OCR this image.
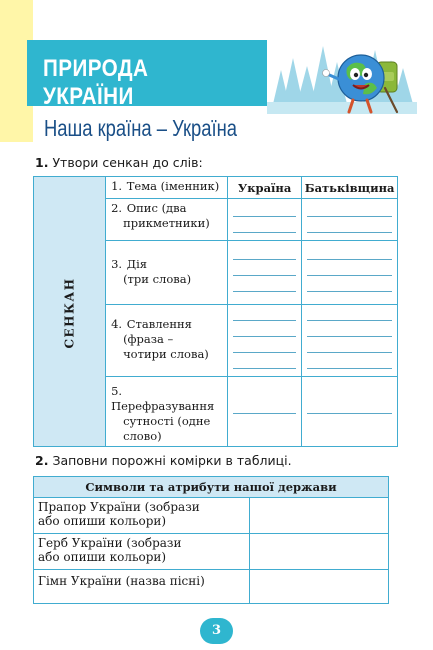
ПРИРОДА УКРАЇНИ
Наша країна – Україна
1. Утвори сенкан до слів:
СЕНКАН	1. Тема (іменник)	Україна	Батьківщина

	2. Опис (два
прикметники)		

	3. Дія
(три слова)		

	4. Ставлення
(фраза –
чотири слова)		

	5. Перефразування
сутності (одне
слово)		

2. Заповни порожні комірки в таблиці.
Символи та атрибути нашої держави	

Прапор України (зобрази
або опиши кольори)	

Герб України (зобрази
або опиши кольори)	

Гімн України (назва пісні)	

3
